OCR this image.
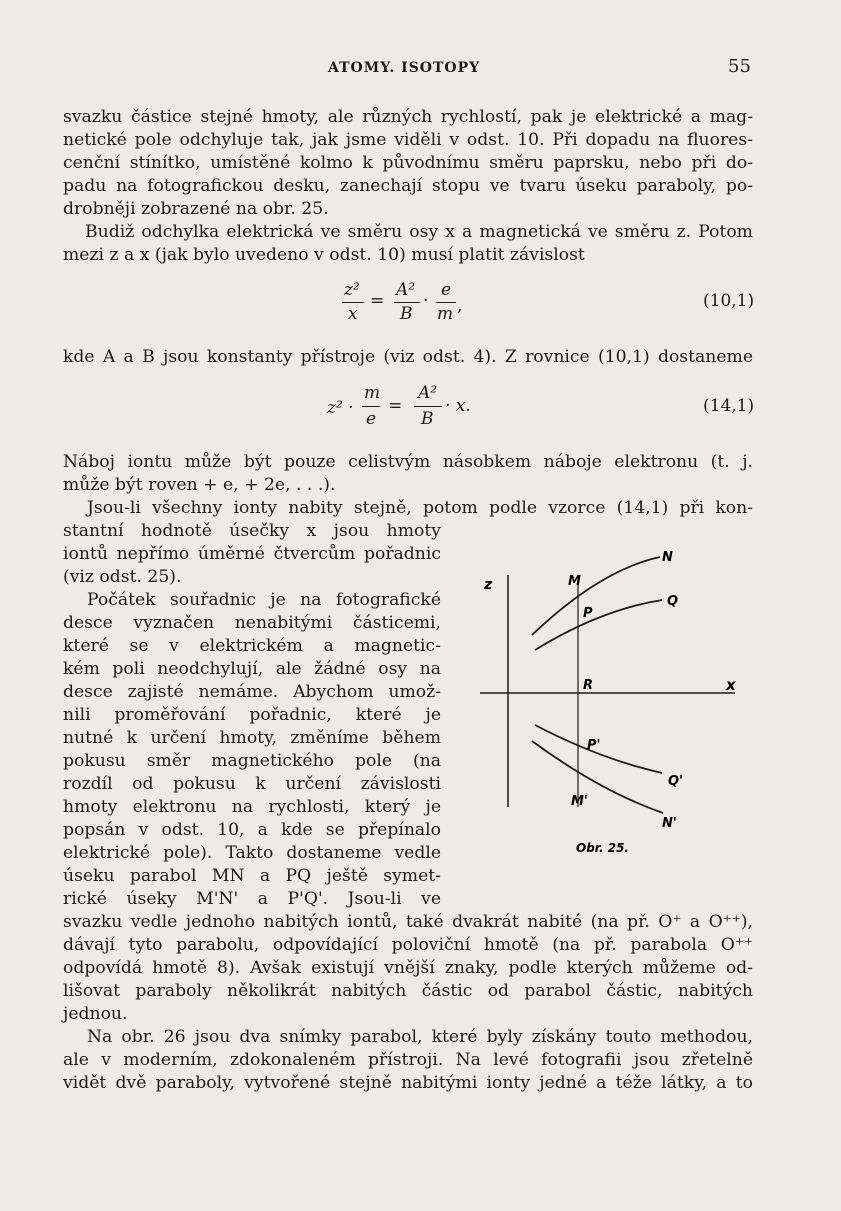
ATOMY. ISOTOPY	55
svazku částice stejné hmoty, ale různých rychlostí, pak je elektrické a mag-
netické pole odchyluje tak, jak jsme viděli v odst. 10. Při dopadu na fluores-
cenční stínítko, umístěné kolmo k původnímu směru paprsku, nebo při do-
padu na fotografickou desku, zanechají stopu ve tvaru úseku paraboly, po-
drobněji zobrazené na obr. 25.
Budiž odchylka elektrická ve směru osy x a magnetická ve směru z. Potom
mezi z a x (jak bylo uvedeno v odst. 10) musí platit závislost
z²
x
=
A²
B
·
e
m ,	(10,1)
kde A a B jsou konstanty přístroje (viz odst. 4). Z rovnice (10,1) dostaneme
z² ·
m
e
=
A²
B
· x.	(14,1)
Náboj iontu může být pouze celistvým násobkem náboje elektronu (t. j.
může být roven + e, + 2e, . . .).
Jsou-li všechny ionty nabity stejně, potom podle vzorce (14,1) při kon-
stantní hodnotě úsečky x jsou hmoty
iontů nepřímo úměrné čtvercům pořadnic
(viz odst. 25).
Počátek souřadnic je na fotografické
desce vyznačen nenabitými částicemi,
které se v elektrickém a magnetic-
kém poli neodchylují, ale žádné osy na
desce zajisté nemáme. Abychom umož-
nili proměřování pořadnic, které je
nutné k určení hmoty, změníme během
pokusu směr magnetického pole (na
rozdíl od pokusu k určení závislosti
hmoty elektronu na rychlosti, který je
popsán v odst. 10, a kde se přepínalo
elektrické pole). Takto dostaneme vedle
úseku parabol MN a PQ ještě symet-
rické úseky M'N' a P'Q'. Jsou-li ve
svazku vedle jednoho nabitých iontů, také dvakrát nabité (na př. O⁺ a O⁺⁺),
dávají tyto parabolu, odpovídající poloviční hmotě (na př. parabola O⁺⁺
odpovídá hmotě 8). Avšak existují vnější znaky, podle kterých můžeme od-
lišovat paraboly několikrát nabitých částic od parabol částic, nabitých
jednou.
Na obr. 26 jsou dva snímky parabol, které byly získány touto methodou,
ale v moderním, zdokonaleném přístroji. Na levé fotografii jsou zřetelně
vidět dvě paraboly, vytvořené stejně nabitými ionty jedné a téže látky, a to
z
x
M
N
P
Q
R
P'
Q'
M'
N'
Obr. 25.
